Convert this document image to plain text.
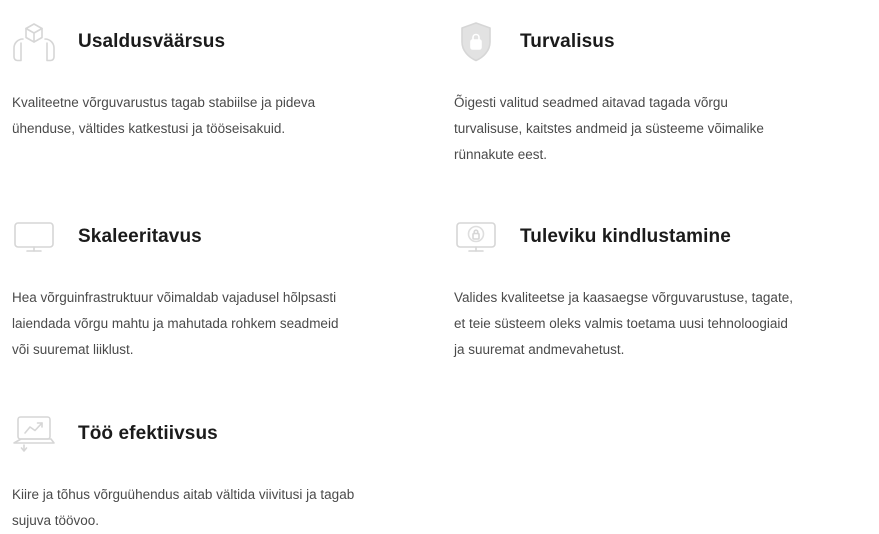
Usaldusväärsus
Kvaliteetne võrguvarustus tagab stabiilse ja pideva ühenduse, vältides katkestusi ja tööseisakuid.
Turvalisus
Õigesti valitud seadmed aitavad tagada võrgu turvalisuse, kaitstes andmeid ja süsteeme võimalike rünnakute eest.
Skaleeritavus
Hea võrguinfrastruktuur võimaldab vajadusel hõlpsasti laiendada võrgu mahtu ja mahutada rohkem seadmeid või suuremat liiklust.
Tuleviku kindlustamine
Valides kvaliteetse ja kaasaegse võrguvarustuse, tagate, et teie süsteem oleks valmis toetama uusi tehnoloogiaid ja suuremat andmevahetust.
Töö efektiivsus
Kiire ja tõhus võrguühendus aitab vältida viivitusi ja tagab sujuva töövoo.
